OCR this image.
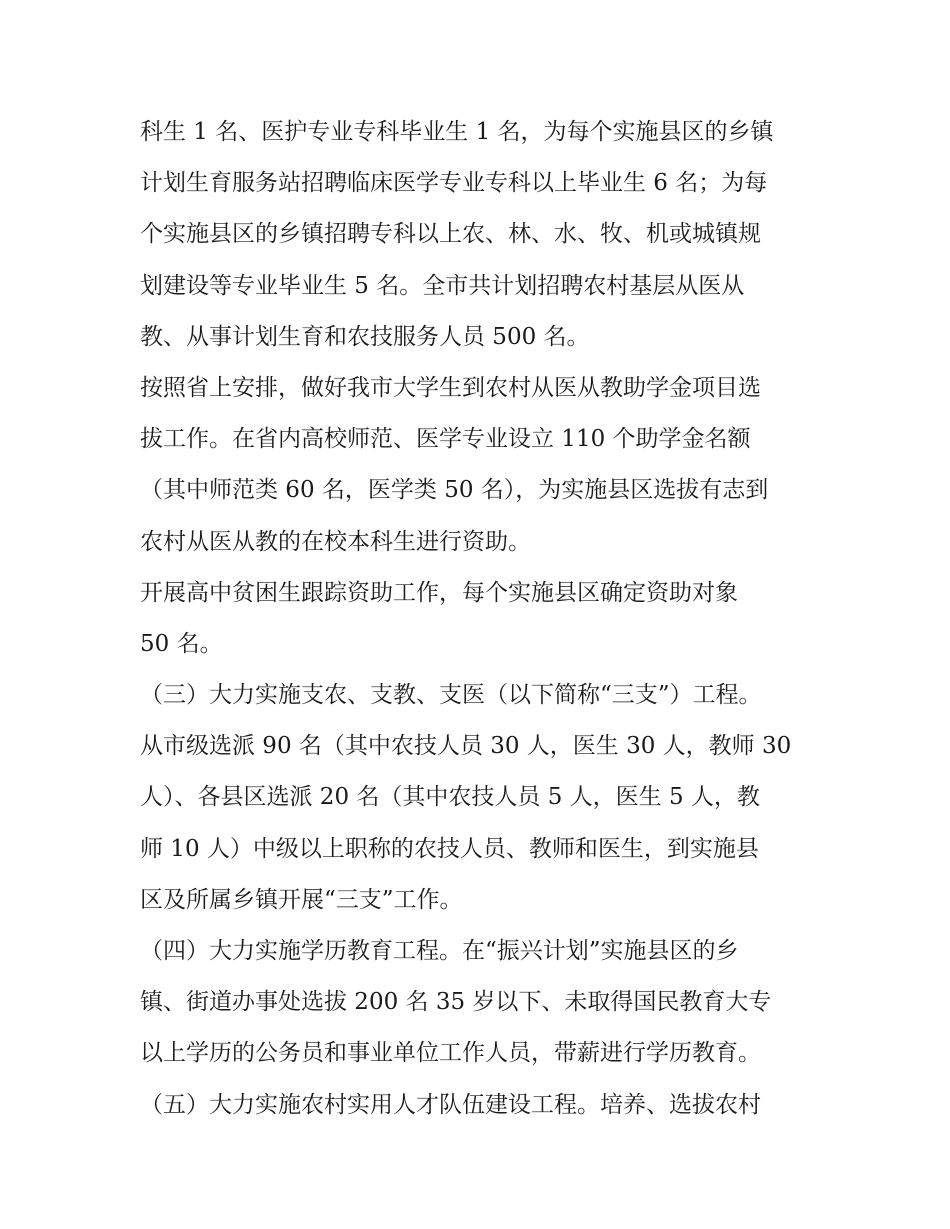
科生 1 名、医护专业专科毕业生 1 名，为每个实施县区的乡镇
计划生育服务站招聘临床医学专业专科以上毕业生 6 名；为每
个实施县区的乡镇招聘专科以上农、林、水、牧、机或城镇规
划建设等专业毕业生 5 名。全市共计划招聘农村基层从医从
教、从事计划生育和农技服务人员 500 名。
按照省上安排，做好我市大学生到农村从医从教助学金项目选
拔工作。在省内高校师范、医学专业设立 110 个助学金名额
（其中师范类 60 名，医学类 50 名），为实施县区选拔有志到
农村从医从教的在校本科生进行资助。
开展高中贫困生跟踪资助工作，每个实施县区确定资助对象
50 名。
（三）大力实施支农、支教、支医（以下简称“三支”）工程。
从市级选派 90 名（其中农技人员 30 人，医生 30 人，教师 30
人）、各县区选派 20 名（其中农技人员 5 人，医生 5 人，教
师 10 人）中级以上职称的农技人员、教师和医生，到实施县
区及所属乡镇开展“三支”工作。
（四）大力实施学历教育工程。在“振兴计划”实施县区的乡
镇、街道办事处选拔 200 名 35 岁以下、未取得国民教育大专
以上学历的公务员和事业单位工作人员，带薪进行学历教育。
（五）大力实施农村实用人才队伍建设工程。培养、选拔农村
